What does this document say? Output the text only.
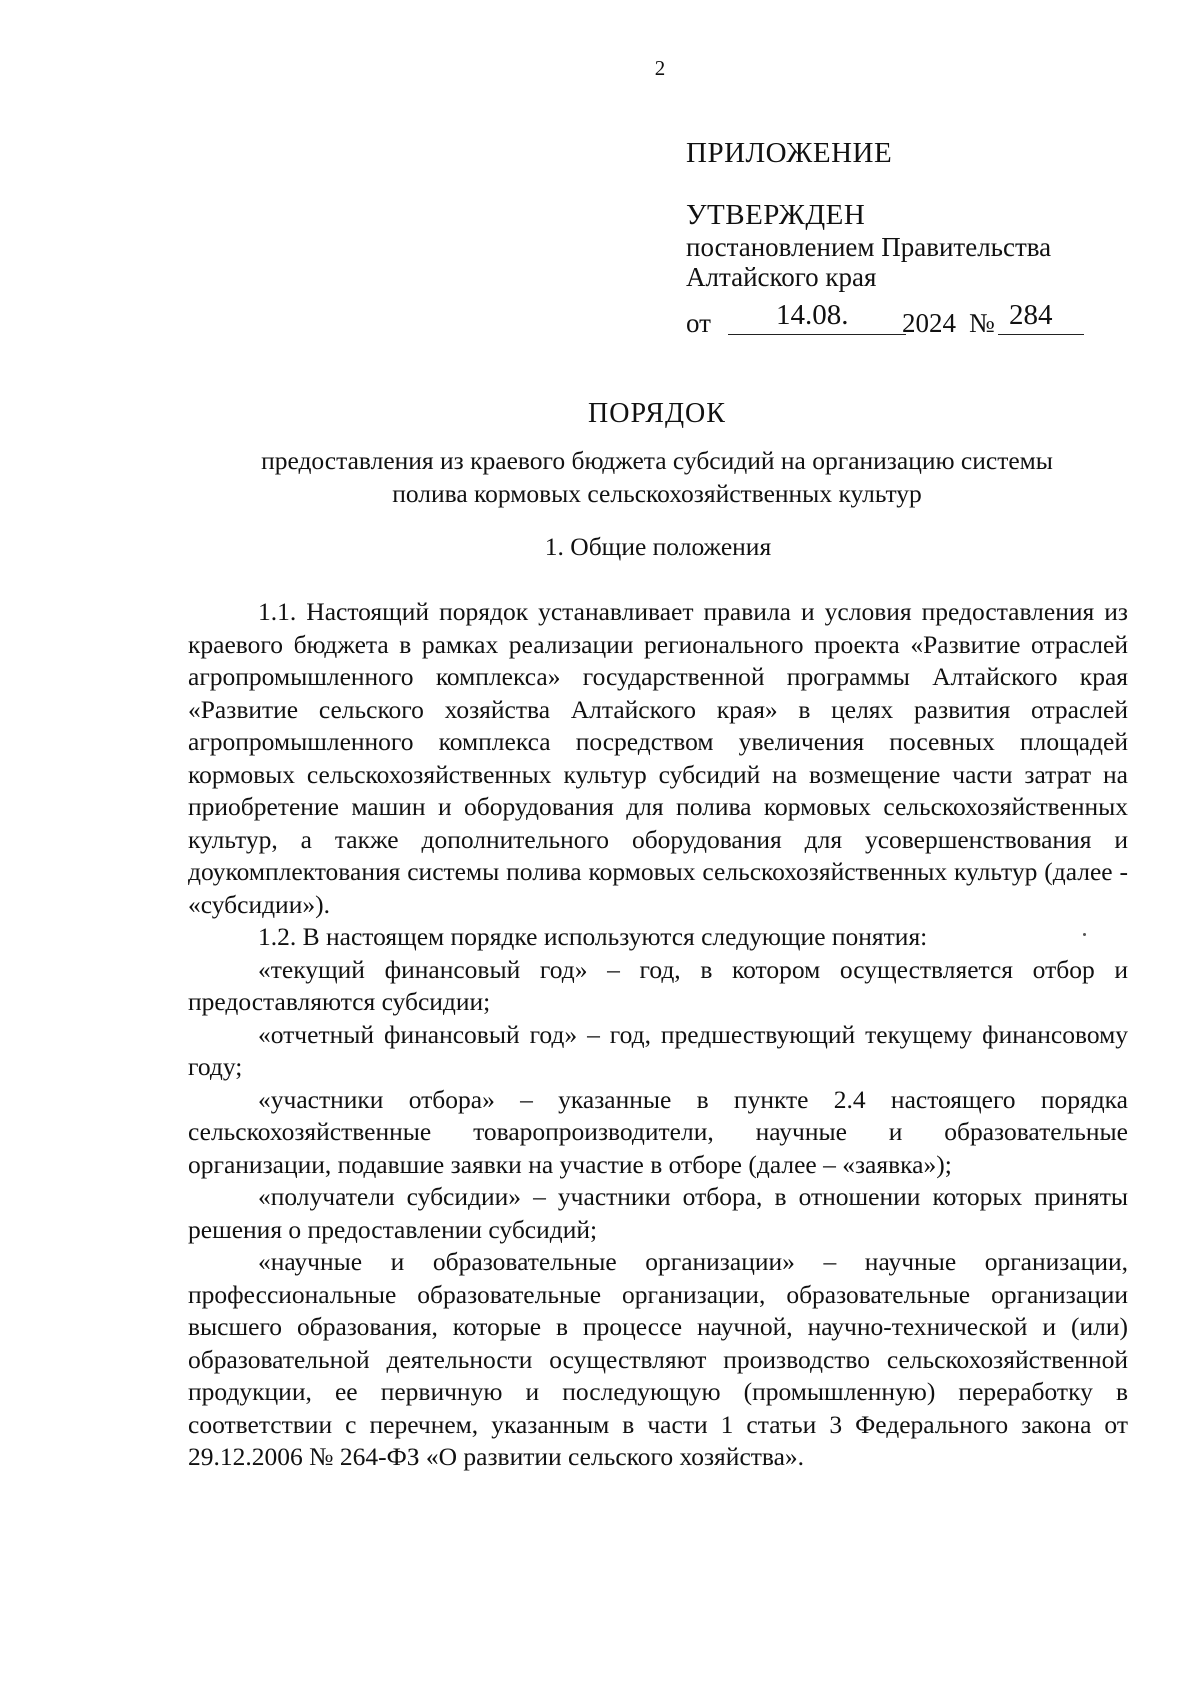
2
ПРИЛОЖЕНИЕ
УТВЕРЖДЕН
постановлением Правительства
Алтайского края
от 14.08. 2024 № 284
ПОРЯДОК
предоставления из краевого бюджета субсидий на организацию системы
полива кормовых сельскохозяйственных культур
1. Общие положения

1.1. Настоящий порядок устанавливает правила и условия предоставления из краевого бюджета в рамках реализации регионального проекта «Развитие отраслей агропромышленного комплекса» государственной программы Алтайского края «Развитие сельского хозяйства Алтайского края» в целях развития отраслей агропромышленного комплекса посредством увеличения посевных площадей кормовых сельскохозяйственных культур субсидий на возмещение части затрат на приобретение машин и оборудования для полива кормовых сельскохозяйственных культур, а также дополнительного оборудования для усовершенствования и доукомплектования системы полива кормовых сельскохозяйственных культур (далее - «субсидии»).

1.2. В настоящем порядке используются следующие понятия:

«текущий финансовый год» – год, в котором осуществляется отбор и предоставляются субсидии;

«отчетный финансовый год» – год, предшествующий текущему финансовому году;

«участники отбора» – указанные в пункте 2.4 настоящего порядка сельскохозяйственные товаропроизводители, научные и образовательные организации, подавшие заявки на участие в отборе (далее – «заявка»);

«получатели субсидии» – участники отбора, в отношении которых приняты решения о предоставлении субсидий;

«научные и образовательные организации» – научные организации, профессиональные образовательные организации, образовательные организации высшего образования, которые в процессе научной, научно-технической и (или) образовательной деятельности осуществляют производство сельскохозяйственной продукции, ее первичную и последующую (промышленную) переработку в соответствии с перечнем, указанным в части 1 статьи 3 Федерального закона от 29.12.2006 № 264-ФЗ «О развитии сельского хозяйства».
